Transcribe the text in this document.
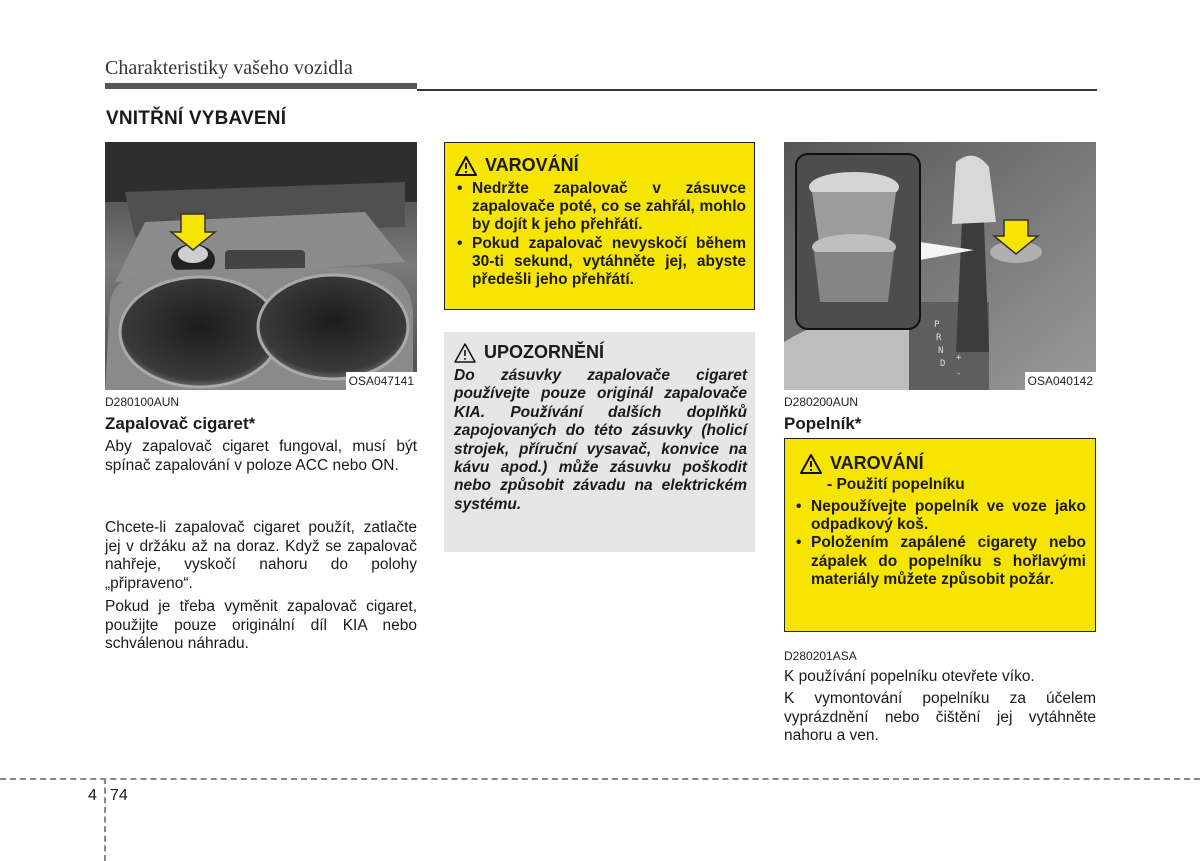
Charakteristiky vašeho vozidla
VNITŘNÍ VYBAVENÍ
OSA047141
D280100AUN
Zapalovač cigaret*
Aby zapalovač cigaret fungoval, musí být spínač zapalování v poloze ACC nebo ON.
Chcete-li zapalovač cigaret použít, zatlačte jej v držáku až na doraz. Když se zapalovač nahřeje, vyskočí nahoru do polohy „připraveno“.
Pokud je třeba vyměnit zapalovač cigaret, použijte pouze originální díl KIA nebo schválenou náhradu.
VAROVÁNÍ
• Nedržte zapalovač v zásuvce zapalovače poté, co se zahřál, mohlo by dojít k jeho přehřátí.
• Pokud zapalovač nevyskočí během 30-ti sekund, vytáhněte jej, abyste předešli jeho přehřátí.
UPOZORNĚNÍ
Do zásuvky zapalovače cigaret používejte pouze originál zapalovače KIA. Používání dalších doplňků zapojovaných do této zásuvky (holicí strojek, příruční vysavač, konvice na kávu apod.) může zásuvku poškodit nebo způsobit závadu na elektrickém systému.
P
R
N
D
+
-	OSA040142
D280200AUN
Popelník*
VAROVÁNÍ
- Použití popelníku
• Nepoužívejte popelník ve voze jako odpadkový koš.
• Položením zapálené cigarety nebo zápalek do popelníku s hořlavými materiály můžete způsobit požár.
D280201ASA
K používání popelníku otevřete víko.
K vymontování popelníku za účelem vyprázdnění nebo čištění jej vytáhněte nahoru a ven.
4 74
